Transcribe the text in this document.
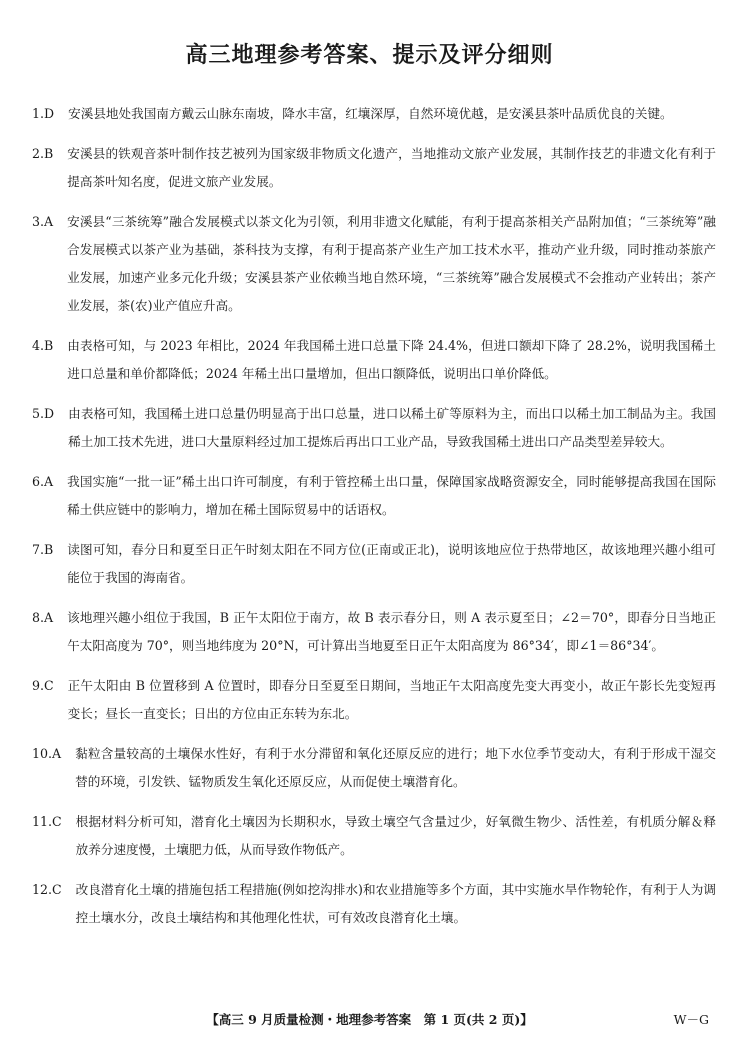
高三地理参考答案、提示及评分细则
1.D	安溪县地处我国南方戴云山脉东南坡，降水丰富，红壤深厚，自然环境优越，是安溪县茶叶品质优良的关键。
2.B	安溪县的铁观音茶叶制作技艺被列为国家级非物质文化遗产，当地推动文旅产业发展，其制作技艺的非遗文化有利于提高茶叶知名度，促进文旅产业发展。
3.A	安溪县“三茶统筹”融合发展模式以茶文化为引领，利用非遗文化赋能，有利于提高茶相关产品附加值；“三茶统筹”融合发展模式以茶产业为基础，茶科技为支撑，有利于提高茶产业生产加工技术水平，推动产业升级，同时推动茶旅产业发展，加速产业多元化升级；安溪县茶产业依赖当地自然环境，“三茶统筹”融合发展模式不会推动产业转出；茶产业发展，茶(农)业产值应升高。
4.B	由表格可知，与 2023 年相比，2024 年我国稀土进口总量下降 24.4%，但进口额却下降了 28.2%，说明我国稀土进口总量和单价都降低；2024 年稀土出口量增加，但出口额降低，说明出口单价降低。
5.D	由表格可知，我国稀土进口总量仍明显高于出口总量，进口以稀土矿等原料为主，而出口以稀土加工制品为主。我国稀土加工技术先进，进口大量原料经过加工提炼后再出口工业产品，导致我国稀土进出口产品类型差异较大。
6.A	我国实施“一批一证”稀土出口许可制度，有利于管控稀土出口量，保障国家战略资源安全，同时能够提高我国在国际稀土供应链中的影响力，增加在稀土国际贸易中的话语权。
7.B	读图可知，春分日和夏至日正午时刻太阳在不同方位(正南或正北)，说明该地应位于热带地区，故该地理兴趣小组可能位于我国的海南省。
8.A	该地理兴趣小组位于我国，B 正午太阳位于南方，故 B 表示春分日，则 A 表示夏至日；∠2＝70°，即春分日当地正午太阳高度为 70°，则当地纬度为 20°N，可计算出当地夏至日正午太阳高度为 86°34′，即∠1＝86°34′。
9.C	正午太阳由 B 位置移到 A 位置时，即春分日至夏至日期间，当地正午太阳高度先变大再变小，故正午影长先变短再变长；昼长一直变长；日出的方位由正东转为东北。
10.A	黏粒含量较高的土壤保水性好，有利于水分滞留和氧化还原反应的进行；地下水位季节变动大，有利于形成干湿交替的环境，引发铁、锰物质发生氧化还原反应，从而促使土壤潜育化。
11.C	根据材料分析可知，潜育化土壤因为长期积水，导致土壤空气含量过少，好氧微生物少、活性差，有机质分解＆释放养分速度慢，土壤肥力低，从而导致作物低产。
12.C	改良潜育化土壤的措施包括工程措施(例如挖沟排水)和农业措施等多个方面，其中实施水旱作物轮作，有利于人为调控土壤水分，改良土壤结构和其他理化性状，可有效改良潜育化土壤。
【高三 9 月质量检测・地理参考答案　第 1 页(共 2 页)】	W－G
